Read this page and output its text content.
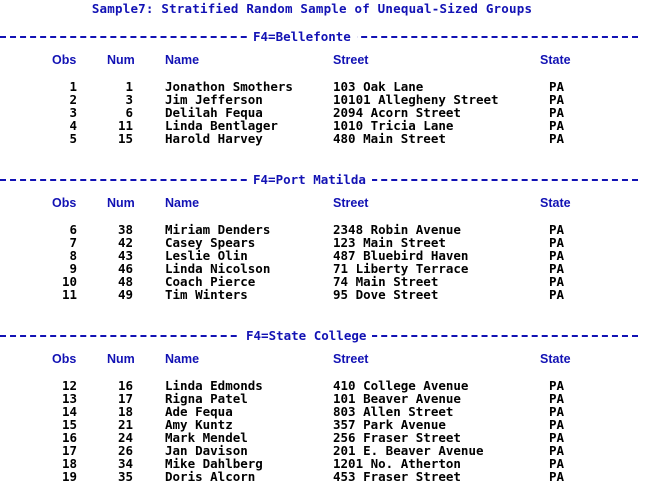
Sample7: Stratified Random Sample of Unequal-Sized Groups
F4=Bellefonte
Obs Num Name	Street	State
1	1	Jonathon Smothers	103 Oak Lane	PA
2	3	Jim Jefferson	10101 Allegheny Street	PA
3	6	Delilah Fequa	2094 Acorn Street	PA
4	11	Linda Bentlager	1010 Tricia Lane	PA
5	15	Harold Harvey	480 Main Street	PA
F4=Port Matilda
Obs Num Name	Street	State
6	38	Miriam Denders	2348 Robin Avenue	PA
7	42	Casey Spears	123 Main Street	PA
8	43	Leslie Olin	487 Bluebird Haven	PA
9	46	Linda Nicolson	71 Liberty Terrace	PA
10	48	Coach Pierce	74 Main Street	PA
11	49	Tim Winters	95 Dove Street	PA
F4=State College
Obs Num Name	Street	State
12	16	Linda Edmonds	410 College Avenue	PA
13	17	Rigna Patel	101 Beaver Avenue	PA
14	18	Ade Fequa	803 Allen Street	PA
15	21	Amy Kuntz	357 Park Avenue	PA
16	24	Mark Mendel	256 Fraser Street	PA
17	26	Jan Davison	201 E. Beaver Avenue	PA
18	34	Mike Dahlberg	1201 No. Atherton	PA
19	35	Doris Alcorn	453 Fraser Street	PA
